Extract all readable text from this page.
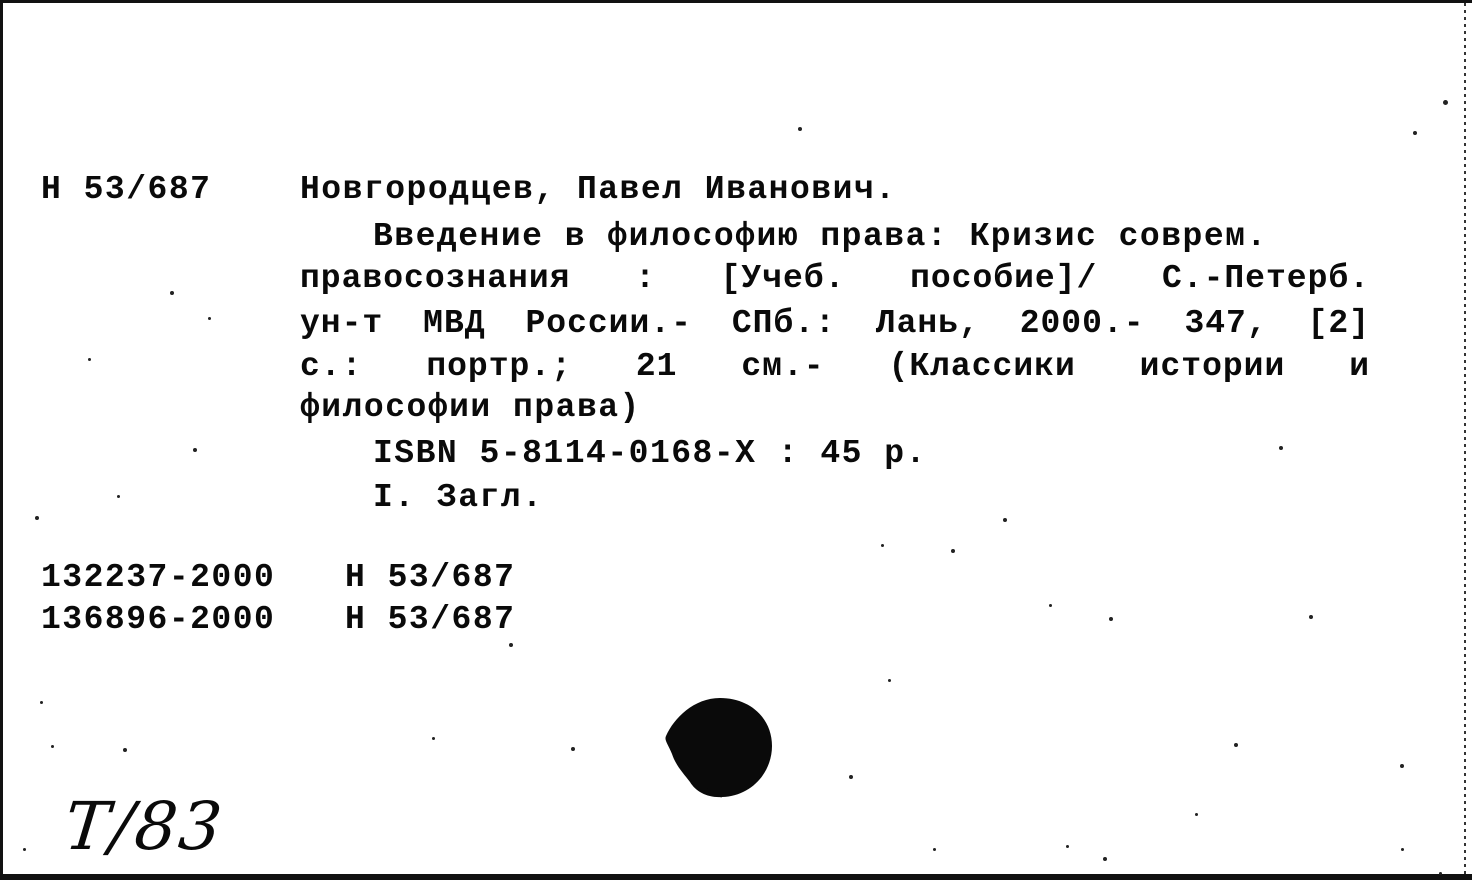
Н 53/687	Новгородцев, Павел Иванович.
Введение в философию права: Кризис соврем.
правосознания : [Учеб. пособие]/ С.-Петерб.
ун-т МВД России.- СПб.: Лань, 2000.- 347, [2]
с.: портр.; 21 см.- (Классики истории и
философии права)
ISBN 5-8114-0168-X : 45 р.
I. Загл.
132237-2000 Н 53/687
136896-2000 Н 53/687
Т/83
